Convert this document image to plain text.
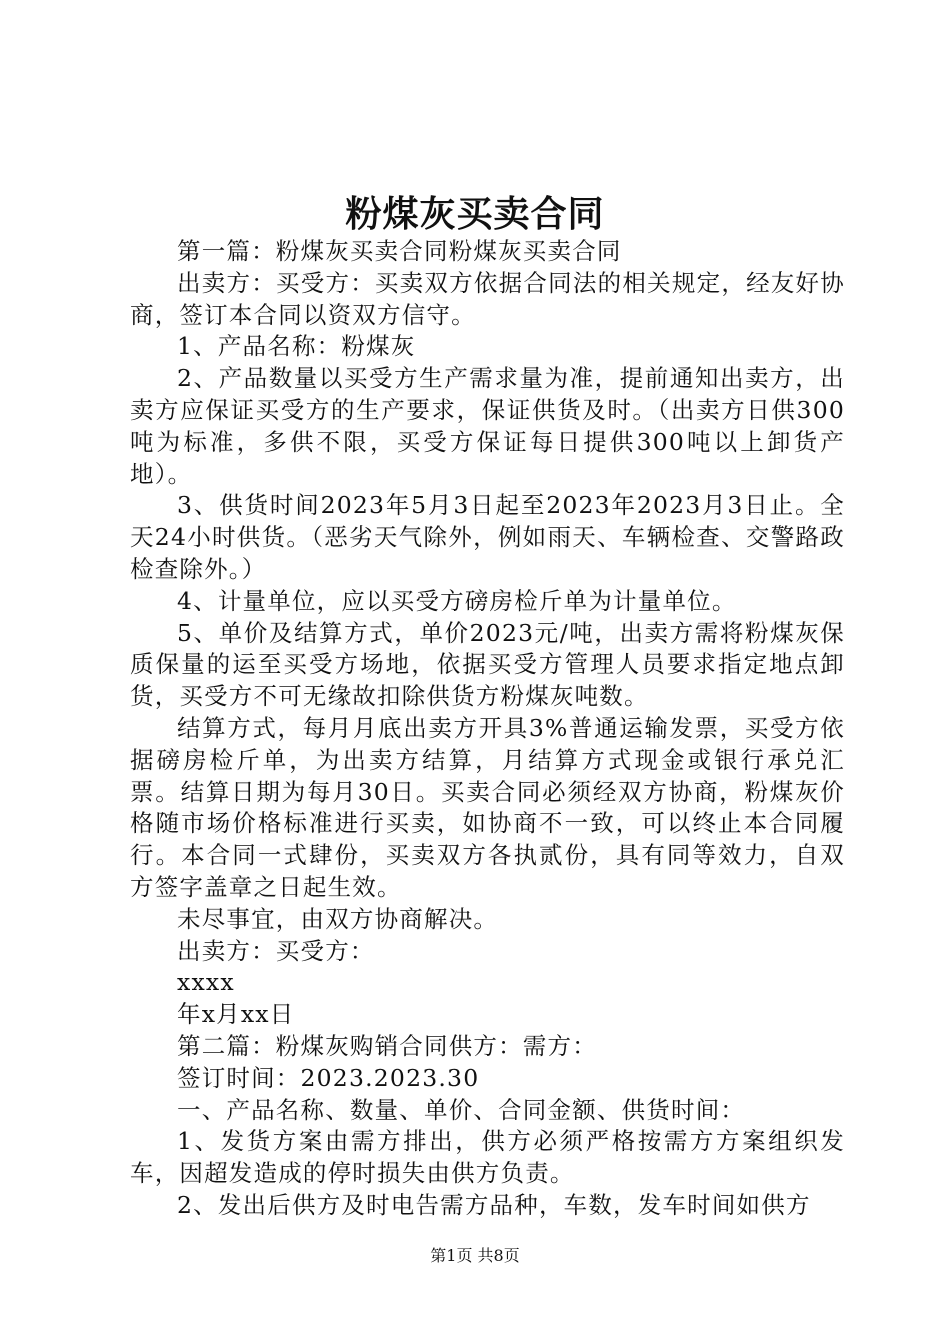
粉煤灰买卖合同

第一篇：粉煤灰买卖合同粉煤灰买卖合同

出卖方：买受方：买卖双方依据合同法的相关规定，经友好协商，签订本合同以资双方信守。

1、产品名称：粉煤灰

2、产品数量以买受方生产需求量为准，提前通知出卖方，出卖方应保证买受方的生产要求，保证供货及时。（出卖方日供300吨为标准，多供不限，买受方保证每日提供300吨以上卸货产地）。

3、供货时间2023年5月3日起至2023年2023月3日止。全天24小时供货。（恶劣天气除外，例如雨天、车辆检查、交警路政检查除外。）

4、计量单位，应以买受方磅房检斤单为计量单位。

5、单价及结算方式，单价2023元/吨，出卖方需将粉煤灰保质保量的运至买受方场地，依据买受方管理人员要求指定地点卸货，买受方不可无缘故扣除供货方粉煤灰吨数。

结算方式，每月月底出卖方开具3%普通运输发票，买受方依据磅房检斤单，为出卖方结算，月结算方式现金或银行承兑汇票。结算日期为每月30日。买卖合同必须经双方协商，粉煤灰价格随市场价格标准进行买卖，如协商不一致，可以终止本合同履行。本合同一式肆份，买卖双方各执贰份，具有同等效力，自双方签字盖章之日起生效。

未尽事宜，由双方协商解决。

出卖方：买受方：

xxxx

年x月xx日

第二篇：粉煤灰购销合同供方：需方：

签订时间：2023.2023.30

一、产品名称、数量、单价、合同金额、供货时间：

1、发货方案由需方排出，供方必须严格按需方方案组织发车，因超发造成的停时损失由供方负责。

2、发出后供方及时电告需方品种，车数，发车时间如供方

第1页 共8页
